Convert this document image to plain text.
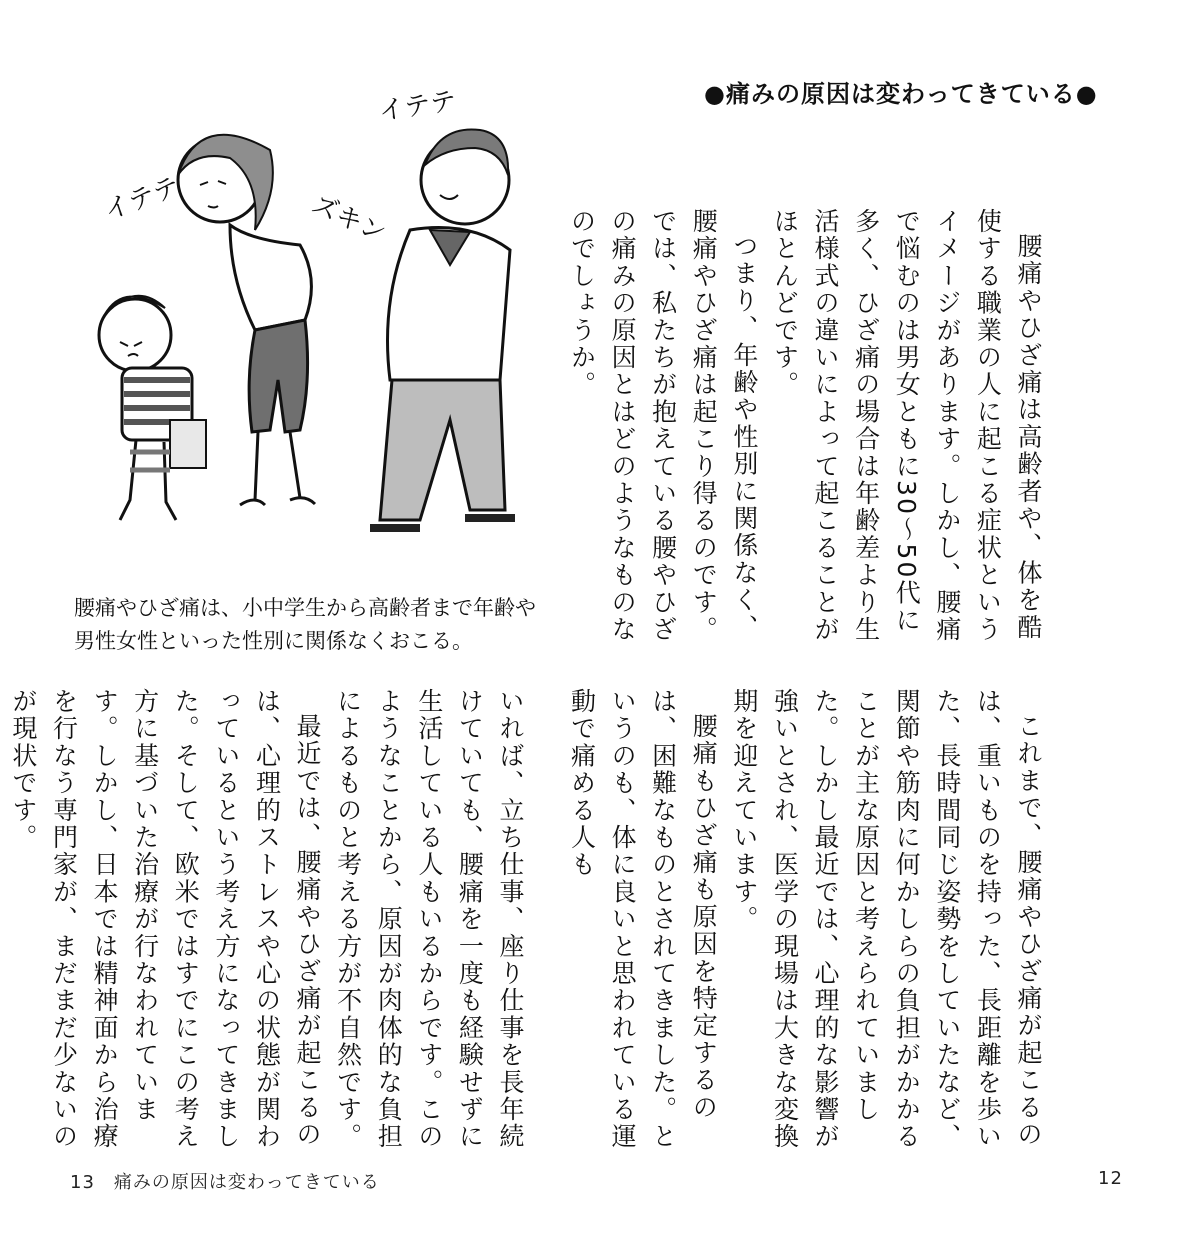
イテテ	ズキン
イテテ
腰痛やひざ痛は、小中学生から高齢者まで年齢や男性女性といった性別に関係なくおこる。
●痛みの原因は変わってきている●
腰痛やひざ痛は高齢者や、体を酷使する職業の人に起こる症状というイメージがあります。しかし、腰痛で悩むのは男女ともに30～50代に多く、ひざ痛の場合は年齢差より生活様式の違いによって起こることがほとんどです。
つまり、年齢や性別に関係なく、腰痛やひざ痛は起こり得るのです。では、私たちが抱えている腰やひざの痛みの原因とはどのようなものなのでしょうか。
これまで、腰痛やひざ痛が起こるのは、重いものを持った、長距離を歩いた、長時間同じ姿勢をしていたなど、関節や筋肉に何かしらの負担がかかることが主な原因と考えられていました。しかし最近では、心理的な影響が強いとされ、医学の現場は大きな変換期を迎えています。
腰痛もひざ痛も原因を特定するのは、困難なものとされてきました。というのも、体に良いと思われている運動で痛める人も
いれば、立ち仕事、座り仕事を長年続けていても、腰痛を一度も経験せずに生活している人もいるからです。このようなことから、原因が肉体的な負担によるものと考える方が不自然です。
最近では、腰痛やひざ痛が起こるのは、心理的ストレスや心の状態が関わっているという考え方になってきました。そして、欧米ではすでにこの考え方に基づいた治療が行なわれています。しかし、日本では精神面から治療を行なう専門家が、まだまだ少ないのが現状です。
13　痛みの原因は変わってきている	12
